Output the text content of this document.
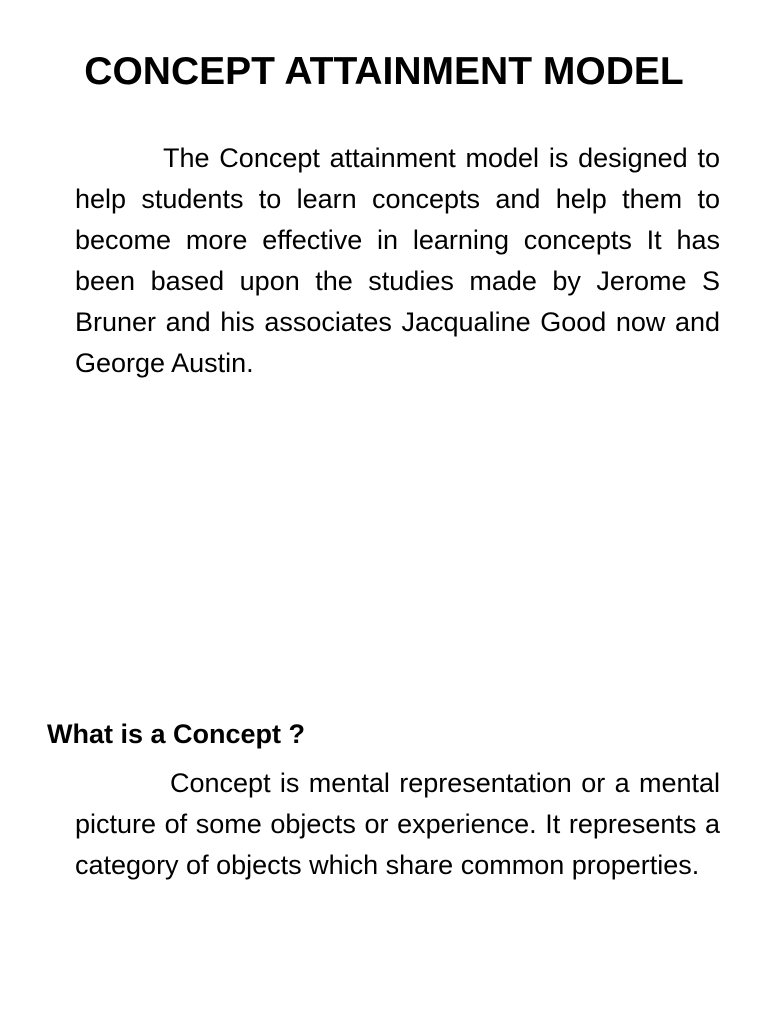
CONCEPT ATTAINMENT MODEL

The Concept attainment model is designed to help students to learn concepts and help them to become more effective in learning concepts It has been based upon the studies made by Jerome S Bruner and his associates Jacqualine Good now and George Austin.

What is a Concept ?

Concept is mental representation or a mental picture of some objects or experience. It represents a category of objects which share common properties.
